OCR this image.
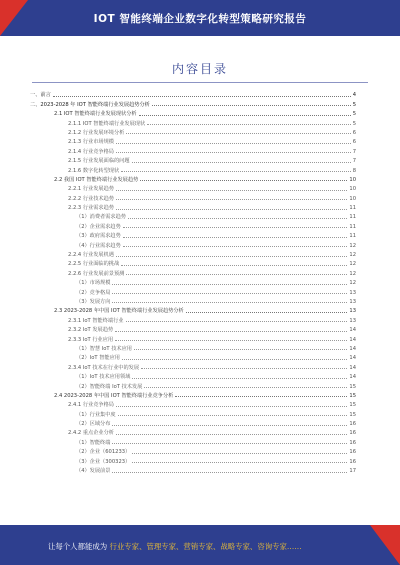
IOT 智能终端企业数字化转型策略研究报告
内容目录
一、前言	4
二、2023-2028 年 IOT 智能终端行业发展趋势分析	5
2.1 IOT 智能终端行业发展现状分析	5
2.1.1 IOT 智能终端行业发展现状	5
2.1.2 行业发展环境分析	6
2.1.3 行业市场规模	6
2.1.4 行业竞争格局	7
2.1.5 行业发展面临的问题	7
2.1.6 数字化转型现状	8
2.2 我国 IOT 智能终端行业发展趋势	10
2.2.1 行业发展趋势	10
2.2.2 行业技术趋势	10
2.2.3 行业需求趋势	11
（1）消费者需求趋势	11
（2）企业需求趋势	11
（3）政府需求趋势	11
（4）行业需求趋势	12
2.2.4 行业发展机遇	12
2.2.5 行业面临的挑战	12
2.2.6 行业发展前景预测	12
（1）市场规模	12
（2）竞争格局	13
（3）发展方向	13
2.3 2023-2028 年中国 IOT 智能终端行业发展趋势分析	13
2.3.1 IoT 智能终端行业	13
2.3.2 IoT 发展趋势	14
2.3.3 IoT 行业应用	14
（1）智慧 IoT 技术应用	14
（2）IoT 智能应用	14
2.3.4 IoT 技术在行业中的发展	14
（1）IoT 技术应用领域	14
（2）智能终端 IoT 技术发展	15
2.4 2023-2028 年中国 IOT 智能终端行业竞争分析	15
2.4.1 行业竞争格局	15
（1）行业集中度	15
（2）区域分布	16
2.4.2 重点企业分析	16
（1）智能终端	16
（2）企业（601233）	16
（3）企业（300323）	16
（4）发展前景	17
让每个人都能成为 行业专家、管理专家、营销专家、战略专家、咨询专家……
